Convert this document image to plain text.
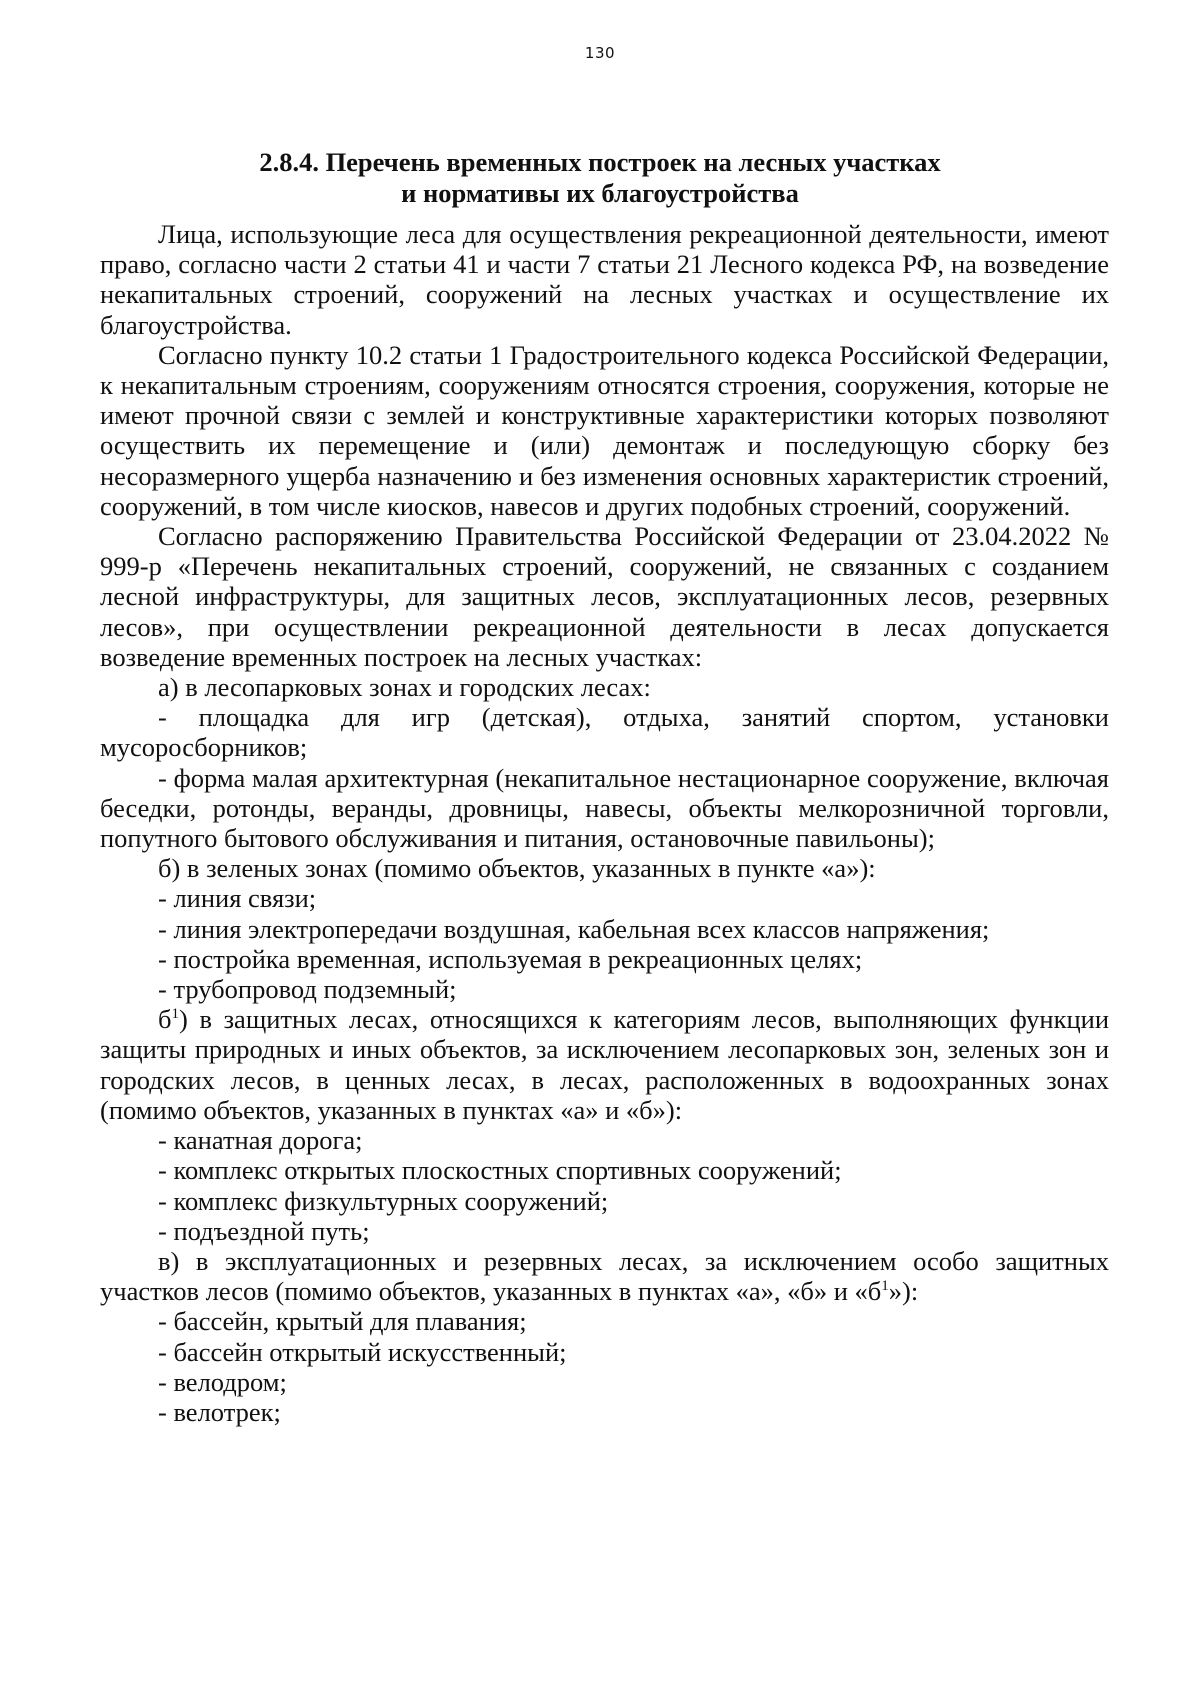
130
2.8.4. Перечень временных построек на лесных участках
и нормативы их благоустройства

Лица, использующие леса для осуществления рекреационной деятельности, имеют право, согласно части 2 статьи 41 и части 7 статьи 21 Лесного кодекса РФ, на возведение некапитальных строений, сооружений на лесных участках и осуществление их благоустройства.

Согласно пункту 10.2 статьи 1 Градостроительного кодекса Российской Федерации, к некапитальным строениям, сооружениям относятся строения, сооружения, которые не имеют прочной связи с землей и конструктивные характеристики которых позволяют осуществить их перемещение и (или) демонтаж и последующую сборку без несоразмерного ущерба назначению и без изменения основных характеристик строений, сооружений, в том числе киосков, навесов и других подобных строений, сооружений.

Согласно распоряжению Правительства Российской Федерации от 23.04.2022 № 999-р «Перечень некапитальных строений, сооружений, не связанных с созданием лесной инфраструктуры, для защитных лесов, эксплуатационных лесов, резервных лесов», при осуществлении рекреационной деятельности в лесах допускается возведение временных построек на лесных участках:

а) в лесопарковых зонах и городских лесах:

- площадка для игр (детская), отдыха, занятий спортом, установки мусоросборников;

- форма малая архитектурная (некапитальное нестационарное сооружение, включая беседки, ротонды, веранды, дровницы, навесы, объекты мелкорозничной торговли, попутного бытового обслуживания и питания, остановочные павильоны);

б) в зеленых зонах (помимо объектов, указанных в пункте «а»):

- линия связи;

- линия электропередачи воздушная, кабельная всех классов напряжения;

- постройка временная, используемая в рекреационных целях;

- трубопровод подземный;

$б^1$) в защитных лесах, относящихся к категориям лесов, выполняющих функции защиты природных и иных объектов, за исключением лесопарковых зон, зеленых зон и городских лесов, в ценных лесах, в лесах, расположенных в водоохранных зонах (помимо объектов, указанных в пунктах «а» и «б»):

- канатная дорога;

- комплекс открытых плоскостных спортивных сооружений;

- комплекс физкультурных сооружений;

- подъездной путь;

в) в эксплуатационных и резервных лесах, за исключением особо защитных участков лесов (помимо объектов, указанных в пунктах «а», «б» и «$б^1$»):

- бассейн, крытый для плавания;

- бассейн открытый искусственный;

- велодром;

- велотрек;
